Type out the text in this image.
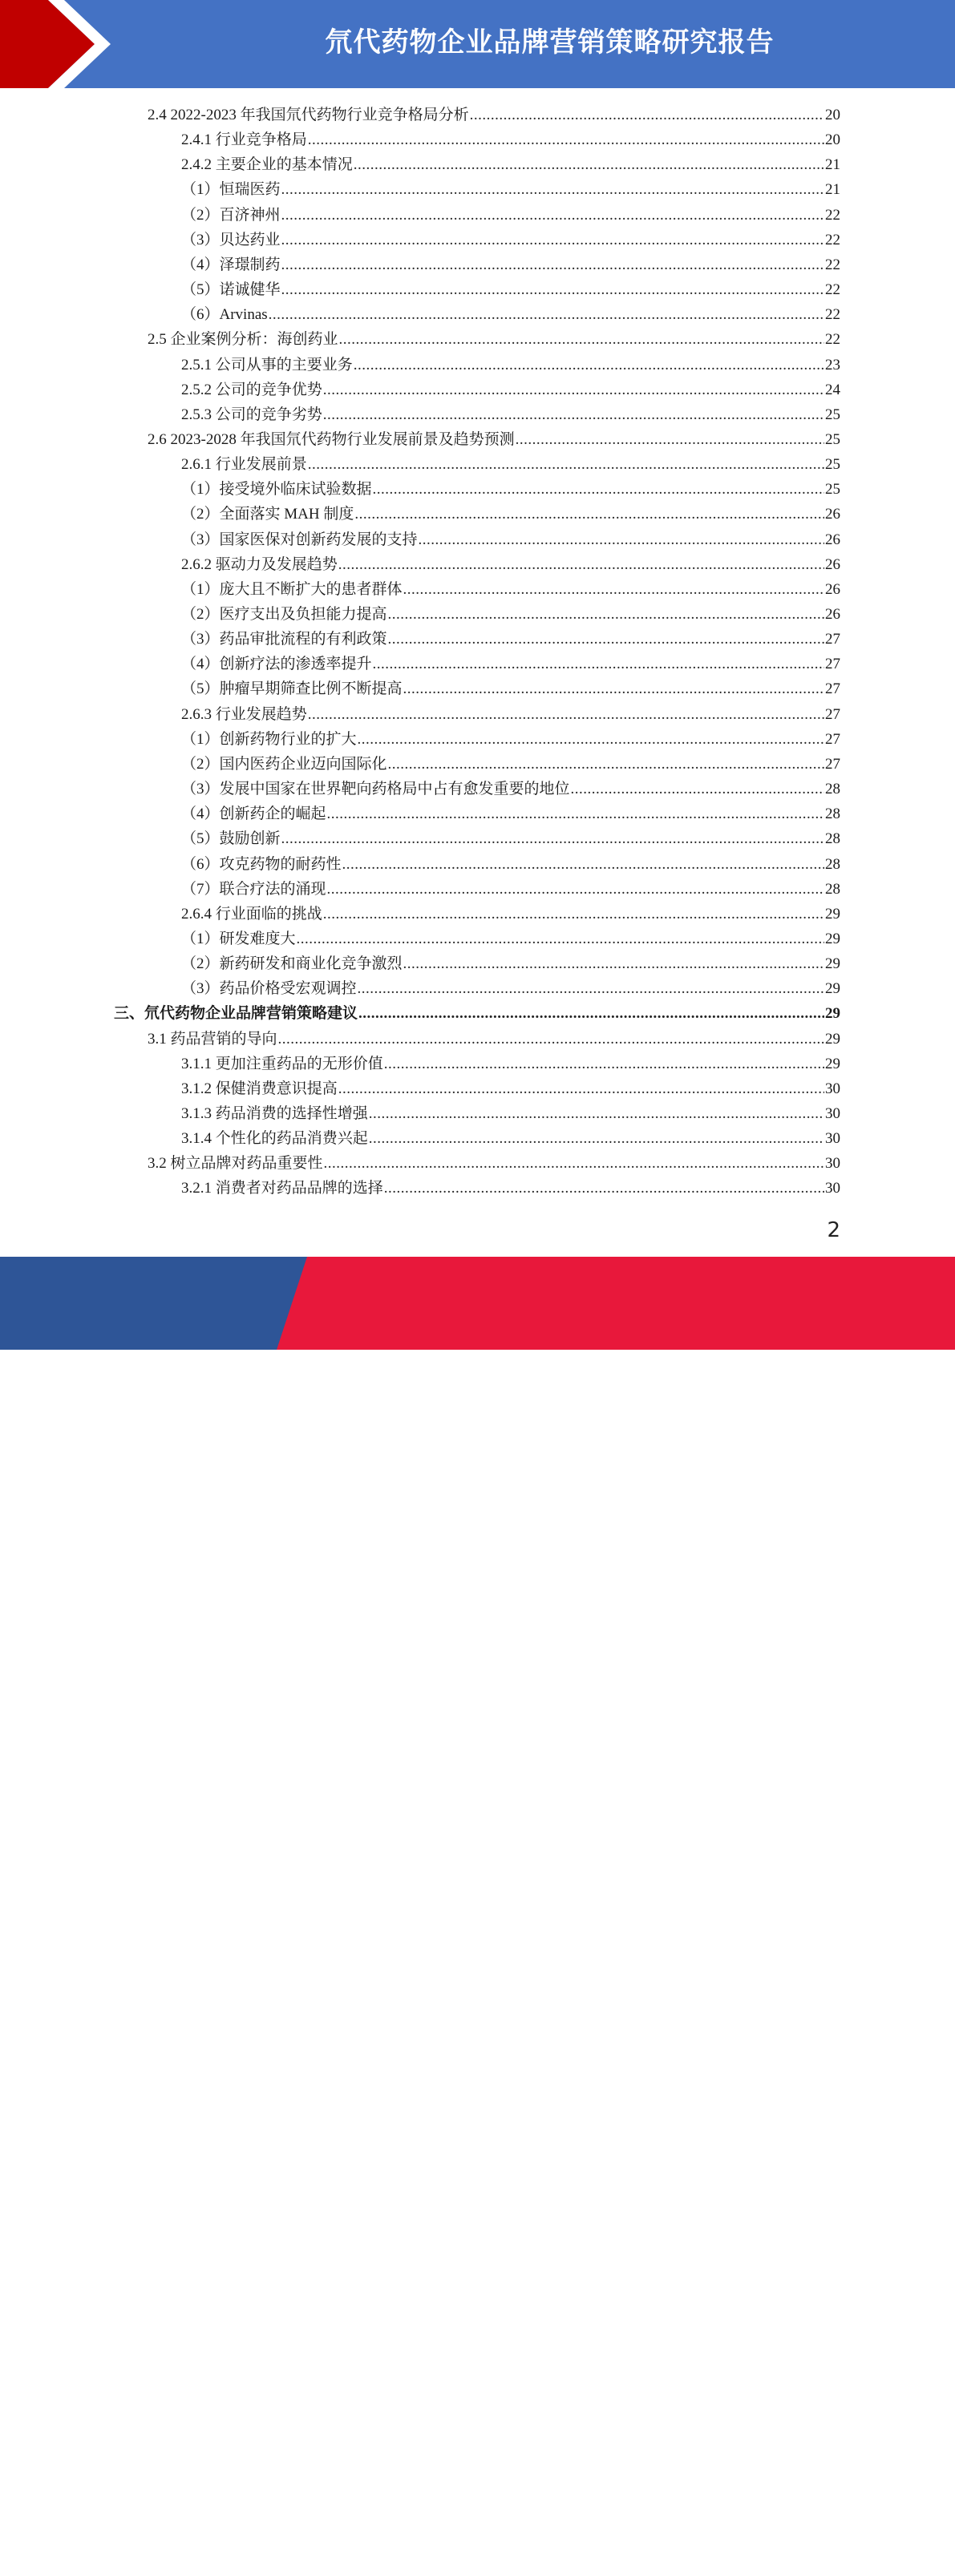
氘代药物企业品牌营销策略研究报告
2.4 2022-2023 年我国氘代药物行业竞争格局分析 .....	20
2.4.1 行业竞争格局 .....	20
2.4.2 主要企业的基本情况 .....	21
（1）恒瑞医药 .....	21
（2）百济神州 .....	22
（3）贝达药业 .....	22
（4）泽璟制药 .....	22
（5）诺诚健华 .....	22
（6）Arvinas .....	22
2.5 企业案例分析：海创药业 .....	22
2.5.1 公司从事的主要业务 .....	23
2.5.2 公司的竞争优势 .....	24
2.5.3 公司的竞争劣势 .....	25
2.6 2023-2028 年我国氘代药物行业发展前景及趋势预测 .....	25
2.6.1 行业发展前景 .....	25
（1）接受境外临床试验数据 .....	25
（2）全面落实 MAH 制度 .....	26
（3）国家医保对创新药发展的支持 .....	26
2.6.2 驱动力及发展趋势 .....	26
（1）庞大且不断扩大的患者群体 .....	26
（2）医疗支出及负担能力提高 .....	26
（3）药品审批流程的有利政策 .....	27
（4）创新疗法的渗透率提升 .....	27
（5）肿瘤早期筛查比例不断提高 .....	27
2.6.3 行业发展趋势 .....	27
（1）创新药物行业的扩大 .....	27
（2）国内医药企业迈向国际化 .....	27
（3）发展中国家在世界靶向药格局中占有愈发重要的地位 .....	28
（4）创新药企的崛起 .....	28
（5）鼓励创新 .....	28
（6）攻克药物的耐药性 .....	28
（7）联合疗法的涌现 .....	28
2.6.4 行业面临的挑战 .....	29
（1）研发难度大 .....	29
（2）新药研发和商业化竞争激烈 .....	29
（3）药品价格受宏观调控 .....	29
三、氘代药物企业品牌营销策略建议 .....	29
3.1 药品营销的导向 .....	29
3.1.1 更加注重药品的无形价值 .....	29
3.1.2 保健消费意识提高 .....	30
3.1.3 药品消费的选择性增强 .....	30
3.1.4 个性化的药品消费兴起 .....	30
3.2 树立品牌对药品重要性 .....	30
3.2.1 消费者对药品品牌的选择 .....	30
2
让每个人都能成为 行业专家、管理专家、营销专家、战略专家、成功企业家……
